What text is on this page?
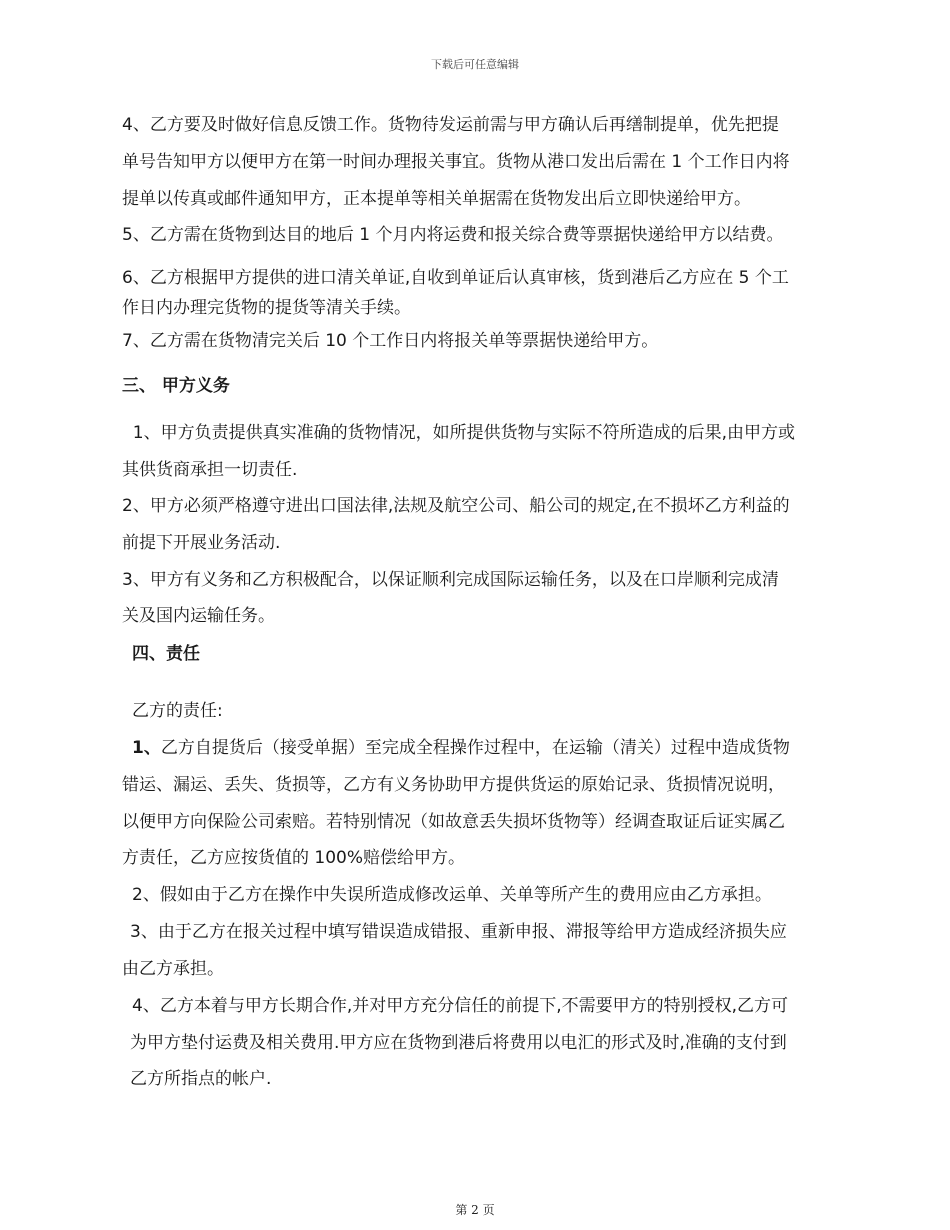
下载后可任意编辑
4、乙方要及时做好信息反馈工作。货物待发运前需与甲方确认后再缮制提单，优先把提
单号告知甲方以便甲方在第一时间办理报关事宜。货物从港口发出后需在 1 个工作日内将
提单以传真或邮件通知甲方，正本提单等相关单据需在货物发出后立即快递给甲方。
5、乙方需在货物到达目的地后 1 个月内将运费和报关综合费等票据快递给甲方以结费。
6、乙方根据甲方提供的进口清关单证,自收到单证后认真审核，货到港后乙方应在 5 个工
作日内办理完货物的提货等清关手续。
7、乙方需在货物清完关后 10 个工作日内将报关单等票据快递给甲方。
三、 甲方义务
1、甲方负责提供真实准确的货物情况，如所提供货物与实际不符所造成的后果,由甲方或
其供货商承担一切责任.
2、甲方必须严格遵守进出口国法律,法规及航空公司、船公司的规定,在不损坏乙方利益的
前提下开展业务活动.
3、甲方有义务和乙方积极配合，以保证顺利完成国际运输任务，以及在口岸顺利完成清
关及国内运输任务。
四、责任
乙方的责任:
1、乙方自提货后（接受单据）至完成全程操作过程中，在运输（清关）过程中造成货物
错运、漏运、丢失、货损等，乙方有义务协助甲方提供货运的原始记录、货损情况说明，
以便甲方向保险公司索赔。若特别情况（如故意丢失损坏货物等）经调查取证后证实属乙
方责任，乙方应按货值的 100%赔偿给甲方。
2、假如由于乙方在操作中失误所造成修改运单、关单等所产生的费用应由乙方承担。
3、由于乙方在报关过程中填写错误造成错报、重新申报、滞报等给甲方造成经济损失应
由乙方承担。
4、乙方本着与甲方长期合作,并对甲方充分信任的前提下,不需要甲方的特别授权,乙方可
为甲方垫付运费及相关费用.甲方应在货物到港后将费用以电汇的形式及时,准确的支付到
乙方所指点的帐户.
第 2 页
